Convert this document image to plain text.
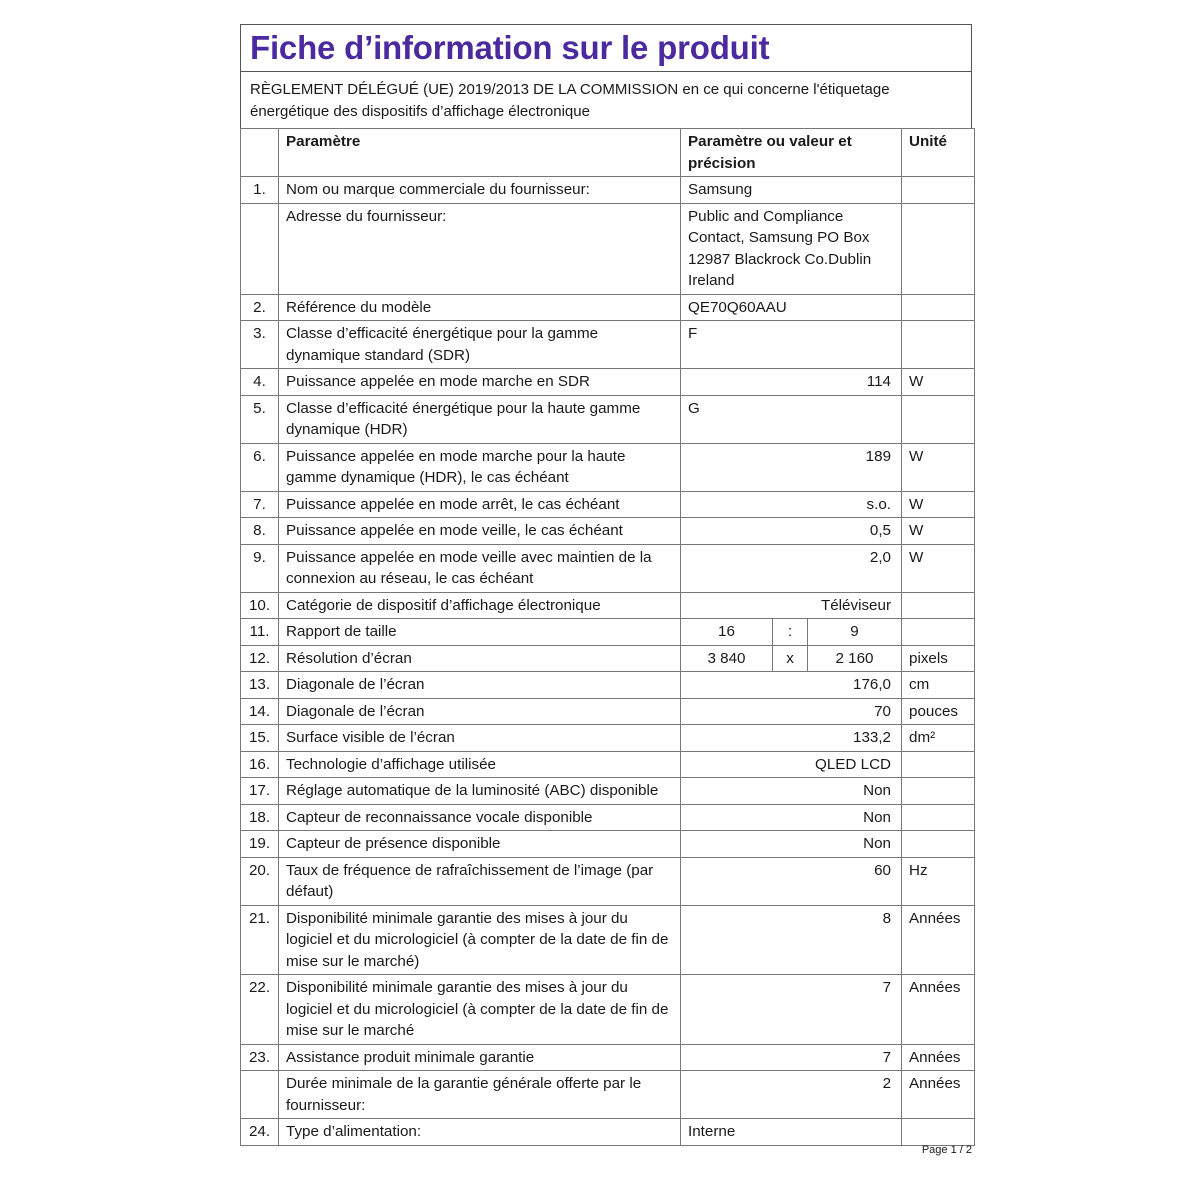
Fiche d’information sur le produit
RÈGLEMENT DÉLÉGUÉ (UE) 2019/2013 DE LA COMMISSION en ce qui concerne l'étiquetage énergétique des dispositifs d’affichage électronique
	Paramètre	Paramètre ou valeur et précision			Unité
1.	Nom ou marque commerciale du fournisseur:	Samsung			
	Adresse du fournisseur:	Public and Compliance Contact, Samsung PO Box 12987 Blackrock Co.Dublin Ireland			
2.	Référence du modèle	QE70Q60AAU			
3.	Classe d’efficacité énergétique pour la gamme dynamique standard (SDR)	F			
4.	Puissance appelée en mode marche en SDR	114			W
5.	Classe d’efficacité énergétique pour la haute gamme dynamique (HDR)	G			
6.	Puissance appelée en mode marche pour la haute gamme dynamique (HDR), le cas échéant	189			W
7.	Puissance appelée en mode arrêt, le cas échéant	s.o.			W
8.	Puissance appelée en mode veille, le cas échéant	0,5			W
9.	Puissance appelée en mode veille avec maintien de la connexion au réseau, le cas échéant	2,0			W
10.	Catégorie de dispositif d’affichage électronique	Téléviseur			
11.	Rapport de taille	16	:	9	
12.	Résolution d’écran	3 840	x	2 160	pixels
13.	Diagonale de l’écran	176,0			cm
14.	Diagonale de l’écran	70			pouces
15.	Surface visible de l’écran	133,2			dm²
16.	Technologie d’affichage utilisée	QLED LCD			
17.	Réglage automatique de la luminosité (ABC) disponible	Non			
18.	Capteur de reconnaissance vocale disponible	Non			
19.	Capteur de présence disponible	Non			
20.	Taux de fréquence de rafraîchissement de l’image (par défaut)	60			Hz
21.	Disponibilité minimale garantie des mises à jour du logiciel et du micrologiciel (à compter de la date de fin de mise sur le marché)	8			Années
22.	Disponibilité minimale garantie des mises à jour du logiciel et du micrologiciel (à compter de la date de fin de mise sur le marché	7			Années
23.	Assistance produit minimale garantie	7			Années
	Durée minimale de la garantie générale offerte par le fournisseur:	2			Années
24.	Type d’alimentation:	Interne			
Page 1 / 2
